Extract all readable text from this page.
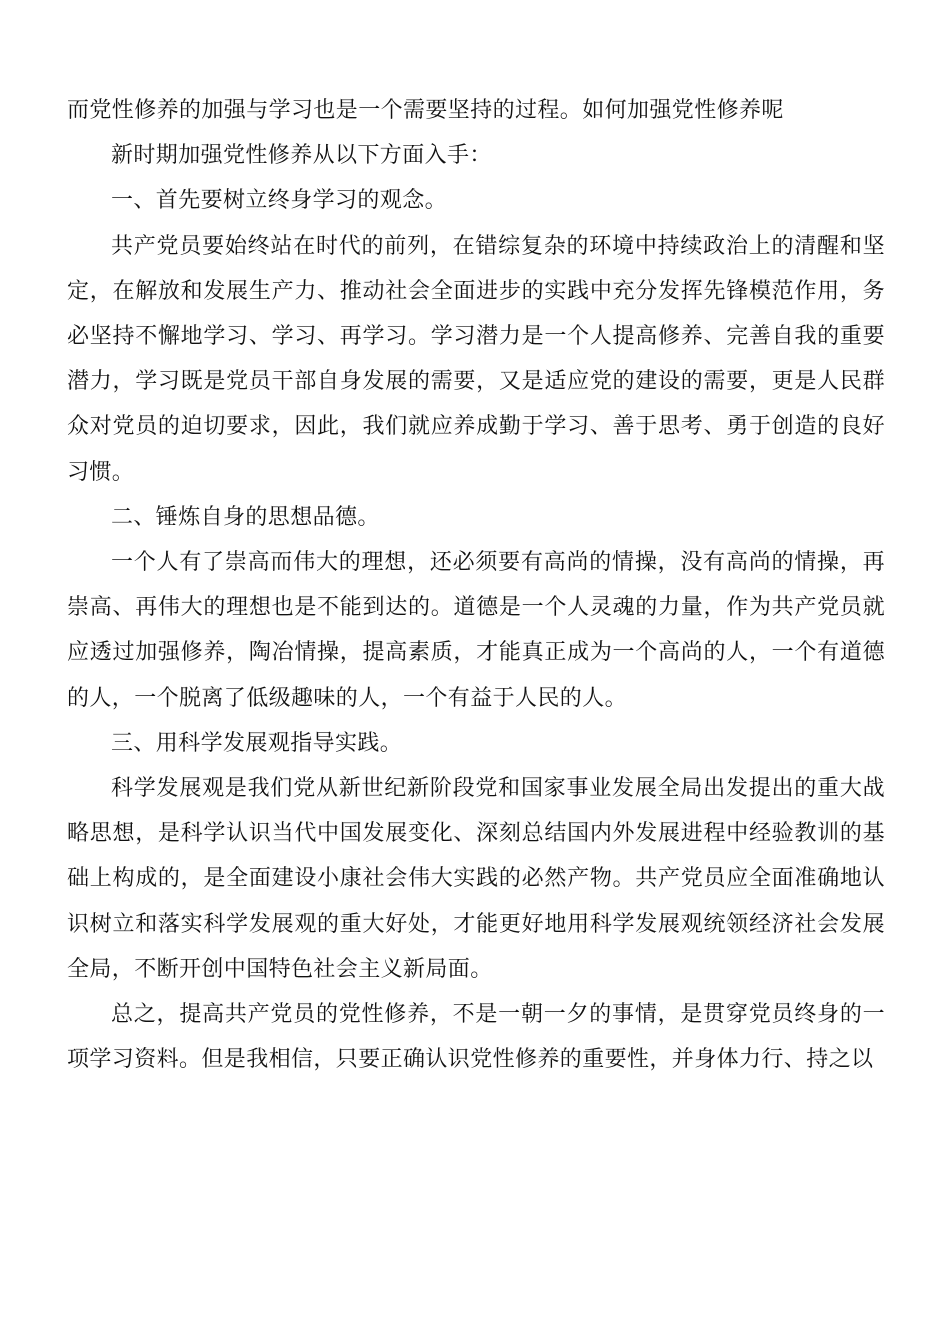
而党性修养的加强与学习也是一个需要坚持的过程。如何加强党性修养呢

新时期加强党性修养从以下方面入手：

一、首先要树立终身学习的观念。

共产党员要始终站在时代的前列，在错综复杂的环境中持续政治上的清醒和坚定，在解放和发展生产力、推动社会全面进步的实践中充分发挥先锋模范作用，务必坚持不懈地学习、学习、再学习。学习潜力是一个人提高修养、完善自我的重要潜力，学习既是党员干部自身发展的需要，又是适应党的建设的需要，更是人民群众对党员的迫切要求，因此，我们就应养成勤于学习、善于思考、勇于创造的良好习惯。

二、锤炼自身的思想品德。

一个人有了崇高而伟大的理想，还必须要有高尚的情操，没有高尚的情操，再崇高、再伟大的理想也是不能到达的。道德是一个人灵魂的力量，作为共产党员就应透过加强修养，陶冶情操，提高素质，才能真正成为一个高尚的人，一个有道德的人，一个脱离了低级趣味的人，一个有益于人民的人。

三、用科学发展观指导实践。

科学发展观是我们党从新世纪新阶段党和国家事业发展全局出发提出的重大战略思想，是科学认识当代中国发展变化、深刻总结国内外发展进程中经验教训的基础上构成的，是全面建设小康社会伟大实践的必然产物。共产党员应全面准确地认识树立和落实科学发展观的重大好处，才能更好地用科学发展观统领经济社会发展全局，不断开创中国特色社会主义新局面。

总之，提高共产党员的党性修养，不是一朝一夕的事情，是贯穿党员终身的一项学习资料。但是我相信，只要正确认识党性修养的重要性，并身体力行、持之以
